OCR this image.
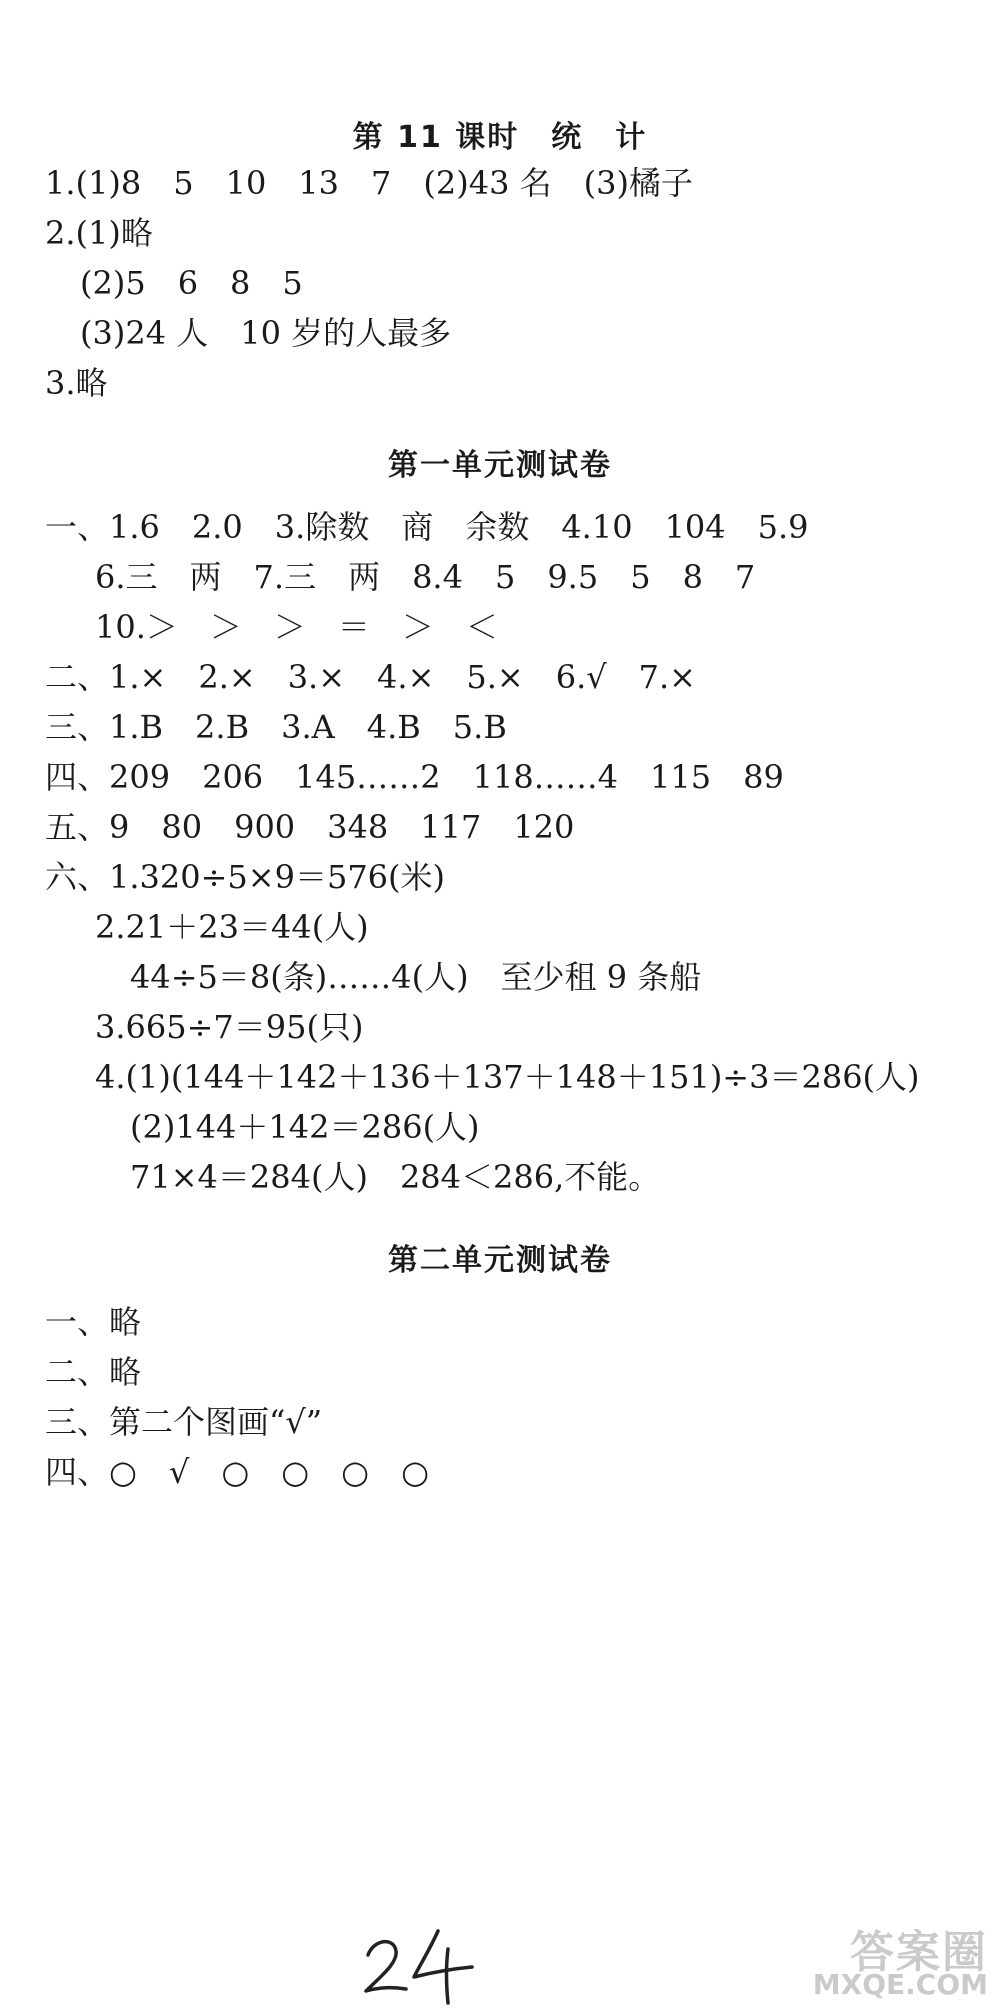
第 11 课时　统　计
1.(1)8　5　10　13　7　(2)43 名　(3)橘子
2.(1)略
(2)5　6　8　5
(3)24 人　10 岁的人最多
3.略
第一单元测试卷
一、1.6　2.0　3.除数　商　余数　4.10　104　5.9
6.三　两　7.三　两　8.4　5　9.5　5　8　7
10.＞　＞　＞　＝　＞　＜
二、1.×　2.×　3.×　4.×　5.×　6.√　7.×
三、1.B　2.B　3.A　4.B　5.B
四、209　206　145……2　118……4　115　89
五、9　80　900　348　117　120
六、1.320÷5×9＝576(米)
2.21＋23＝44(人)
44÷5＝8(条)……4(人)　至少租 9 条船
3.665÷7＝95(只)
4.(1)(144＋142＋136＋137＋148＋151)÷3＝286(人)
(2)144＋142＝286(人)
71×4＝284(人)　284＜286,不能。
第二单元测试卷
一、略
二、略
三、第二个图画“√”
四、○　√　○　○　○　○
答案圈
MXQE.COM
